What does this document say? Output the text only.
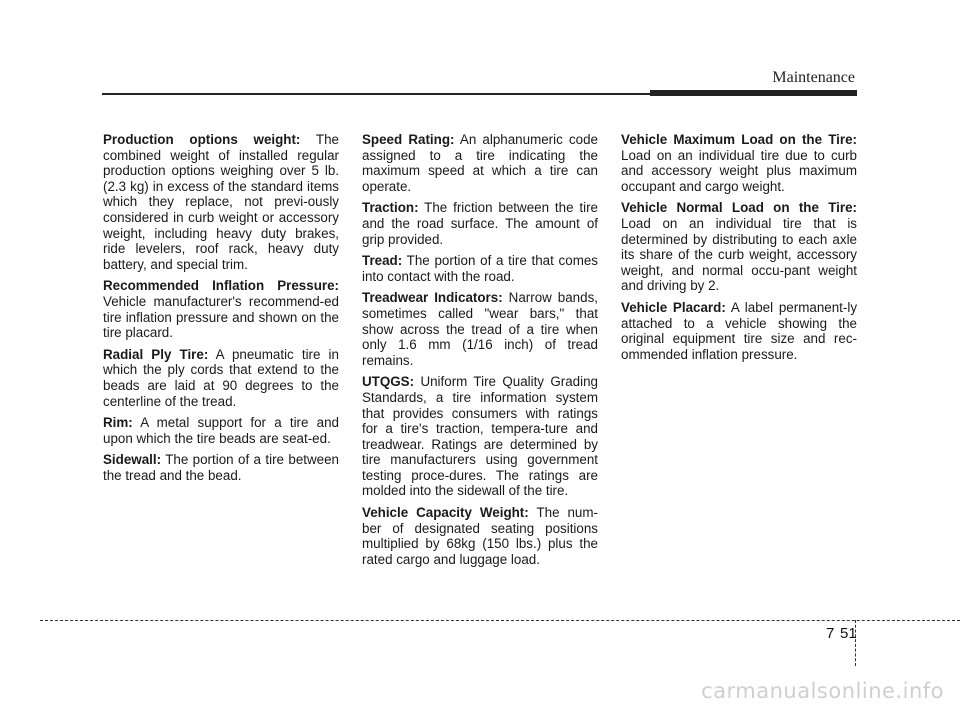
Maintenance

Production options weight: The combined weight of installed regular production options weighing over 5 lb.(2.3 kg) in excess of the standard items which they replace, not previ-ously considered in curb weight or accessory weight, including heavy duty brakes, ride levelers, roof rack, heavy duty battery, and special trim.

Recommended Inflation Pressure: Vehicle manufacturer's recommend-ed tire inflation pressure and shown on the tire placard.

Radial Ply Tire: A pneumatic tire in which the ply cords that extend to the beads are laid at 90 degrees to the centerline of the tread.

Rim: A metal support for a tire and upon which the tire beads are seat-ed.

Sidewall: The portion of a tire between the tread and the bead.

Speed Rating: An alphanumeric code assigned to a tire indicating the maximum speed at which a tire can operate.

Traction: The friction between the tire and the road surface. The amount of grip provided.

Tread: The portion of a tire that comes into contact with the road.

Treadwear Indicators: Narrow bands, sometimes called "wear bars," that show across the tread of a tire when only 1.6 mm (1/16 inch) of tread remains.

UTQGS: Uniform Tire Quality Grading Standards, a tire information system that provides consumers with ratings for a tire's traction, tempera-ture and treadwear. Ratings are determined by tire manufacturers using government testing proce-dures. The ratings are molded into the sidewall of the tire.

Vehicle Capacity Weight: The num-ber of designated seating positions multiplied by 68kg (150 lbs.) plus the rated cargo and luggage load.

Vehicle Maximum Load on the Tire: Load on an individual tire due to curb and accessory weight plus maximum occupant and cargo weight.

Vehicle Normal Load on the Tire: Load on an individual tire that is determined by distributing to each axle its share of the curb weight, accessory weight, and normal occu-pant weight and driving by 2.

Vehicle Placard: A label permanent-ly attached to a vehicle showing the original equipment tire size and rec-ommended inflation pressure.

7 51
carmanualsonline.info
